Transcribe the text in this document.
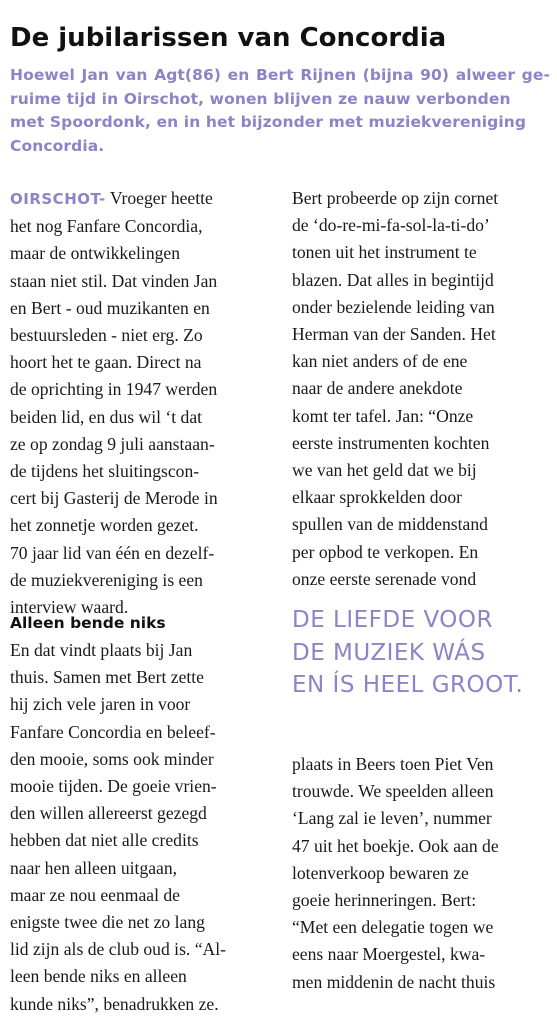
De jubilarissen van Concordia
Hoewel Jan van Agt(86) en Bert Rijnen (bijna 90) alweer ge-
ruime tijd in Oirschot, wonen blijven ze nauw verbonden
met Spoordonk, en in het bijzonder met muziekvereniging
Concordia.
OIRSCHOT- Vroeger heette
het nog Fanfare Concordia,
maar de ontwikkelingen
staan niet stil. Dat vinden Jan
en Bert - oud muzikanten en
bestuursleden - niet erg. Zo
hoort het te gaan. Direct na
de oprichting in 1947 werden
beiden lid, en dus wil ‘t dat
ze op zondag 9 juli aanstaan-
de tijdens het sluitingscon-
cert bij Gasterij de Merode in
het zonnetje worden gezet.
70 jaar lid van één en dezelf-
de muziekvereniging is een
interview waard.
Alleen bende niks
En dat vindt plaats bij Jan
thuis. Samen met Bert zette
hij zich vele jaren in voor
Fanfare Concordia en beleef-
den mooie, soms ook minder
mooie tijden. De goeie vrien-
den willen allereerst gezegd
hebben dat niet alle credits
naar hen alleen uitgaan,
maar ze nou eenmaal de
enigste twee die net zo lang
lid zijn als de club oud is. “Al-
leen bende niks en alleen
kunde niks”, benadrukken ze.
Bert probeerde op zijn cornet
de ‘do-re-mi-fa-sol-la-ti-do’
tonen uit het instrument te
blazen. Dat alles in begintijd
onder bezielende leiding van
Herman van der Sanden. Het
kan niet anders of de ene
naar de andere anekdote
komt ter tafel. Jan: “Onze
eerste instrumenten kochten
we van het geld dat we bij
elkaar sprokkelden door
spullen van de middenstand
per opbod te verkopen. En
onze eerste serenade vond
DE LIEFDE VOOR
DE MUZIEK WÁS
EN ÍS HEEL GROOT.
plaats in Beers toen Piet Ven
trouwde. We speelden alleen
‘Lang zal ie leven’, nummer
47 uit het boekje. Ook aan de
lotenverkoop bewaren ze
goeie herinneringen. Bert:
“Met een delegatie togen we
eens naar Moergestel, kwa-
men middenin de nacht thuis
